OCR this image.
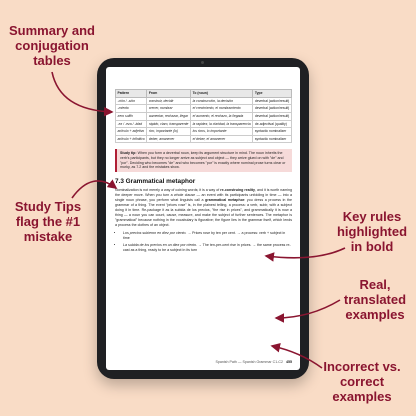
Summary and
conjugation
tables
Study Tips
flag the #1
mistake
Key rules
highlighted
in bold
Real,
translated
examples
Incorrect vs.
correct
examples
Pattern	From	To (noun)	Type
-ción / -sión	construir, decidir	la construcción, la decisión	deverbal (action/result)
-miento	crecer, nombrar	el crecimiento, el nombramiento	deverbal (action/result)
zero suffix	aumentar, rechazar, llegar	el aumento, el rechazo, la llegada	deverbal (action/result)
-ez / -eza / -idad	rápido, claro, transparente	la rapidez, la claridad, la transparencia	de-adjectival (quality)
artículo + adjetivo	rico, importante (lo)	los ricos, lo importante	syntactic nominalizer
artículo + infinitivo	deber, amanecer	el deber, el amanecer	syntactic nominalizer
Study tip: When you form a deverbal noun, keep its argument structure in mind. The noun inherits the verb's participants, but they no longer arrive as subject and object — they arrive glued on with "de" and "por". Deciding who becomes "de" and who becomes "por" is exactly where nominal prose turns clear or murky, as 7.2 and the mistakes show.
7.3 Grammatical metaphor

Nominalization is not merely a way of coining words; it is a way of re-construing reality, and it is worth naming the deeper move. When you turn a whole clause — an event with its participants unfolding in time — into a single noun phrase, you perform what linguists call a grammatical metaphor: you dress a process in the grammar of a thing. The event "prices rose" is, in the plainest telling, a process: a verb, subir, with a subject doing it in time. Re-package it as la subida de los precios, "the rise in prices", and grammatically it is now a thing — a noun you can count, cause, measure, and make the subject of further sentences. The metaphor is "grammatical" because nothing in the vocabulary is figurative; the figure lies in the grammar itself, which lends a process the clothes of an object.

• Los precios subieron en diez por ciento. → Prices rose by ten per cent. → a process: verb + subject in time
• La subida de los precios en un diez por ciento. → The ten-per-cent rise in prices. → the same process re-cast as a thing, ready to be a subject in its turn
Spanish Path — Spanish Grammar C1-C2 455
